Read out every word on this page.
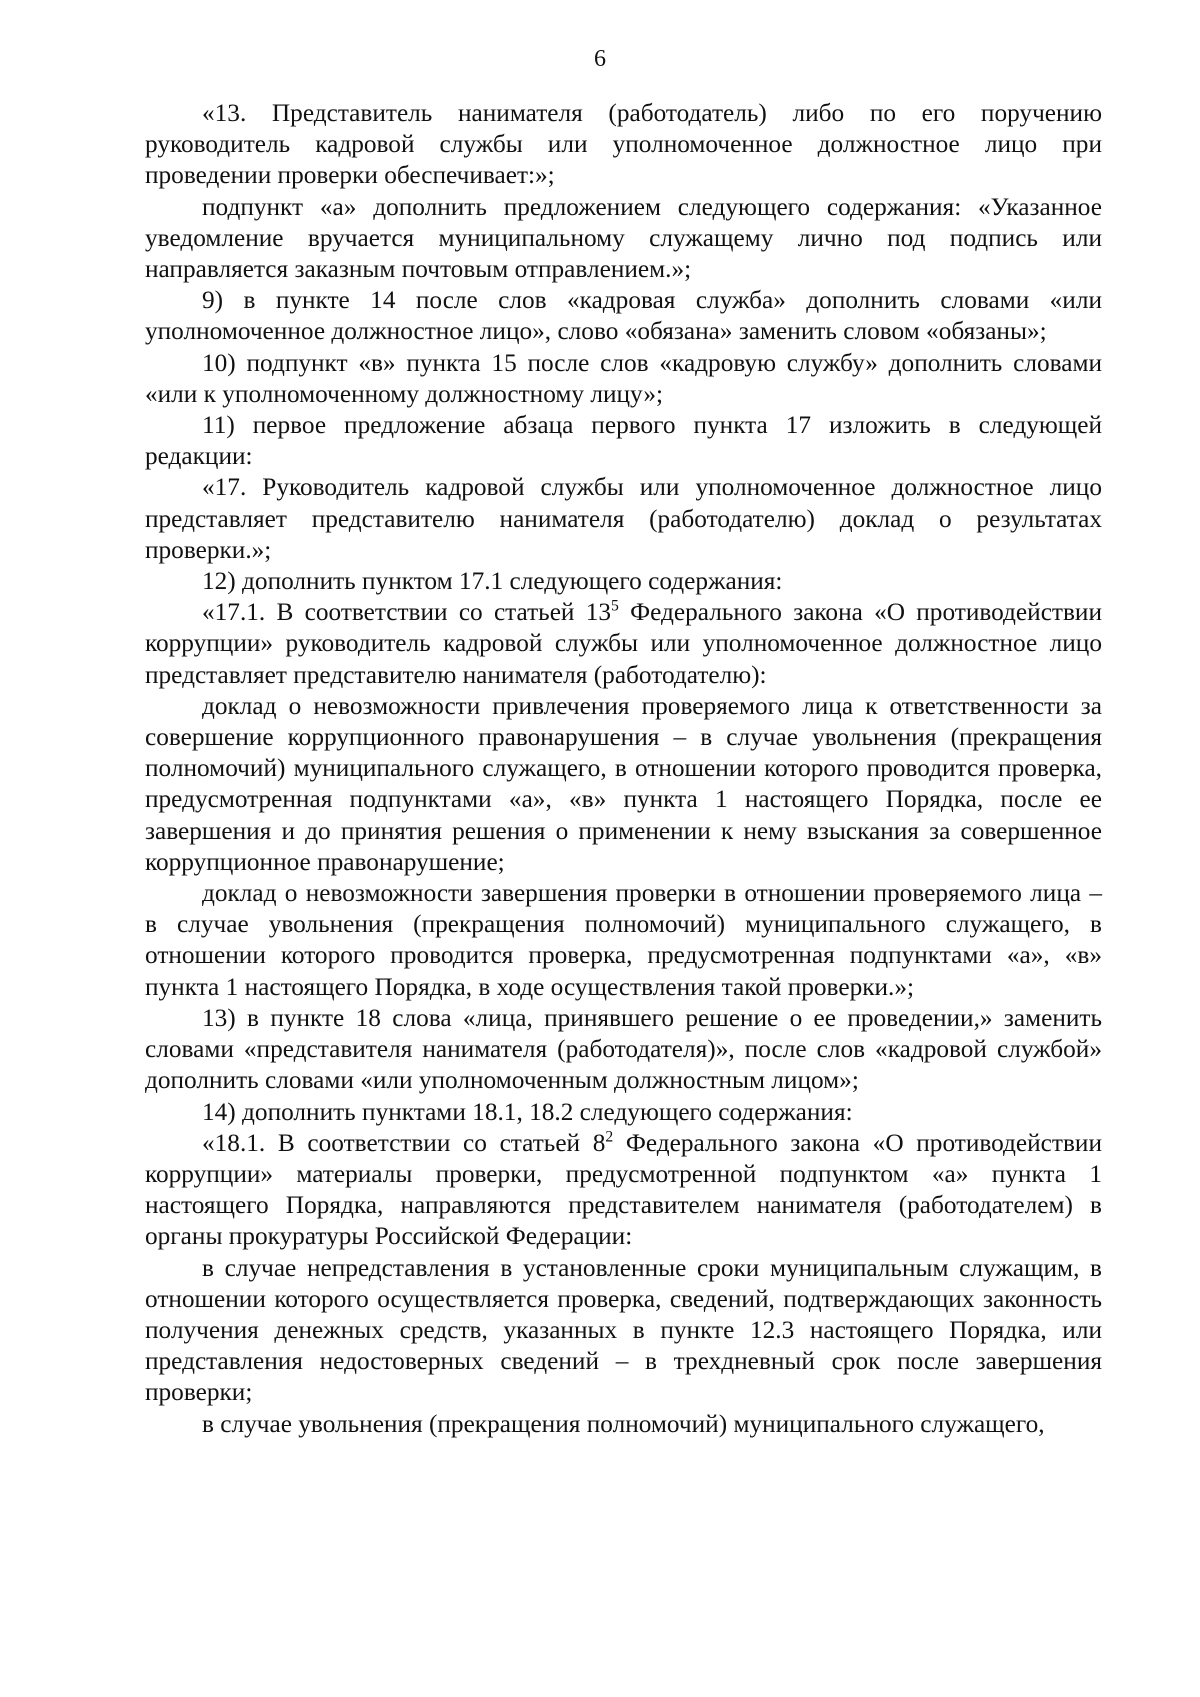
6

«13. Представитель нанимателя (работодатель) либо по его поручению руководитель кадровой службы или уполномоченное должностное лицо при проведении проверки обеспечивает:»;

подпункт «а» дополнить предложением следующего содержания: «Указанное уведомление вручается муниципальному служащему лично под подпись или направляется заказным почтовым отправлением.»;

9) в пункте 14 после слов «кадровая служба» дополнить словами «или уполномоченное должностное лицо», слово «обязана» заменить словом «обязаны»;

10) подпункт «в» пункта 15 после слов «кадровую службу» дополнить словами «или к уполномоченному должностному лицу»;

11) первое предложение абзаца первого пункта 17 изложить в следующей редакции:

«17. Руководитель кадровой службы или уполномоченное должностное лицо представляет представителю нанимателя (работодателю) доклад о результатах проверки.»;

12) дополнить пунктом 17.1 следующего содержания:

«17.1. В соответствии со статьей $13^5$ Федерального закона «О противодействии коррупции» руководитель кадровой службы или уполномоченное должностное лицо представляет представителю нанимателя (работодателю):

доклад о невозможности привлечения проверяемого лица к ответственности за совершение коррупционного правонарушения – в случае увольнения (прекращения полномочий) муниципального служащего, в отношении которого проводится проверка, предусмотренная подпунктами «а», «в» пункта 1 настоящего Порядка, после ее завершения и до принятия решения о применении к нему взыскания за совершенное коррупционное правонарушение;

доклад о невозможности завершения проверки в отношении проверяемого лица – в случае увольнения (прекращения полномочий) муниципального служащего, в отношении которого проводится проверка, предусмотренная подпунктами «а», «в» пункта 1 настоящего Порядка, в ходе осуществления такой проверки.»;

13) в пункте 18 слова «лица, принявшего решение о ее проведении,» заменить словами «представителя нанимателя (работодателя)», после слов «кадровой службой» дополнить словами «или уполномоченным должностным лицом»;

14) дополнить пунктами 18.1, 18.2 следующего содержания:

«18.1. В соответствии со статьей $8^2$ Федерального закона «О противодействии коррупции» материалы проверки, предусмотренной подпунктом «а» пункта 1 настоящего Порядка, направляются представителем нанимателя (работодателем) в органы прокуратуры Российской Федерации:

в случае непредставления в установленные сроки муниципальным служащим, в отношении которого осуществляется проверка, сведений, подтверждающих законность получения денежных средств, указанных в пункте 12.3 настоящего Порядка, или представления недостоверных сведений – в трехдневный срок после завершения проверки;

в случае увольнения (прекращения полномочий) муниципального служащего,
